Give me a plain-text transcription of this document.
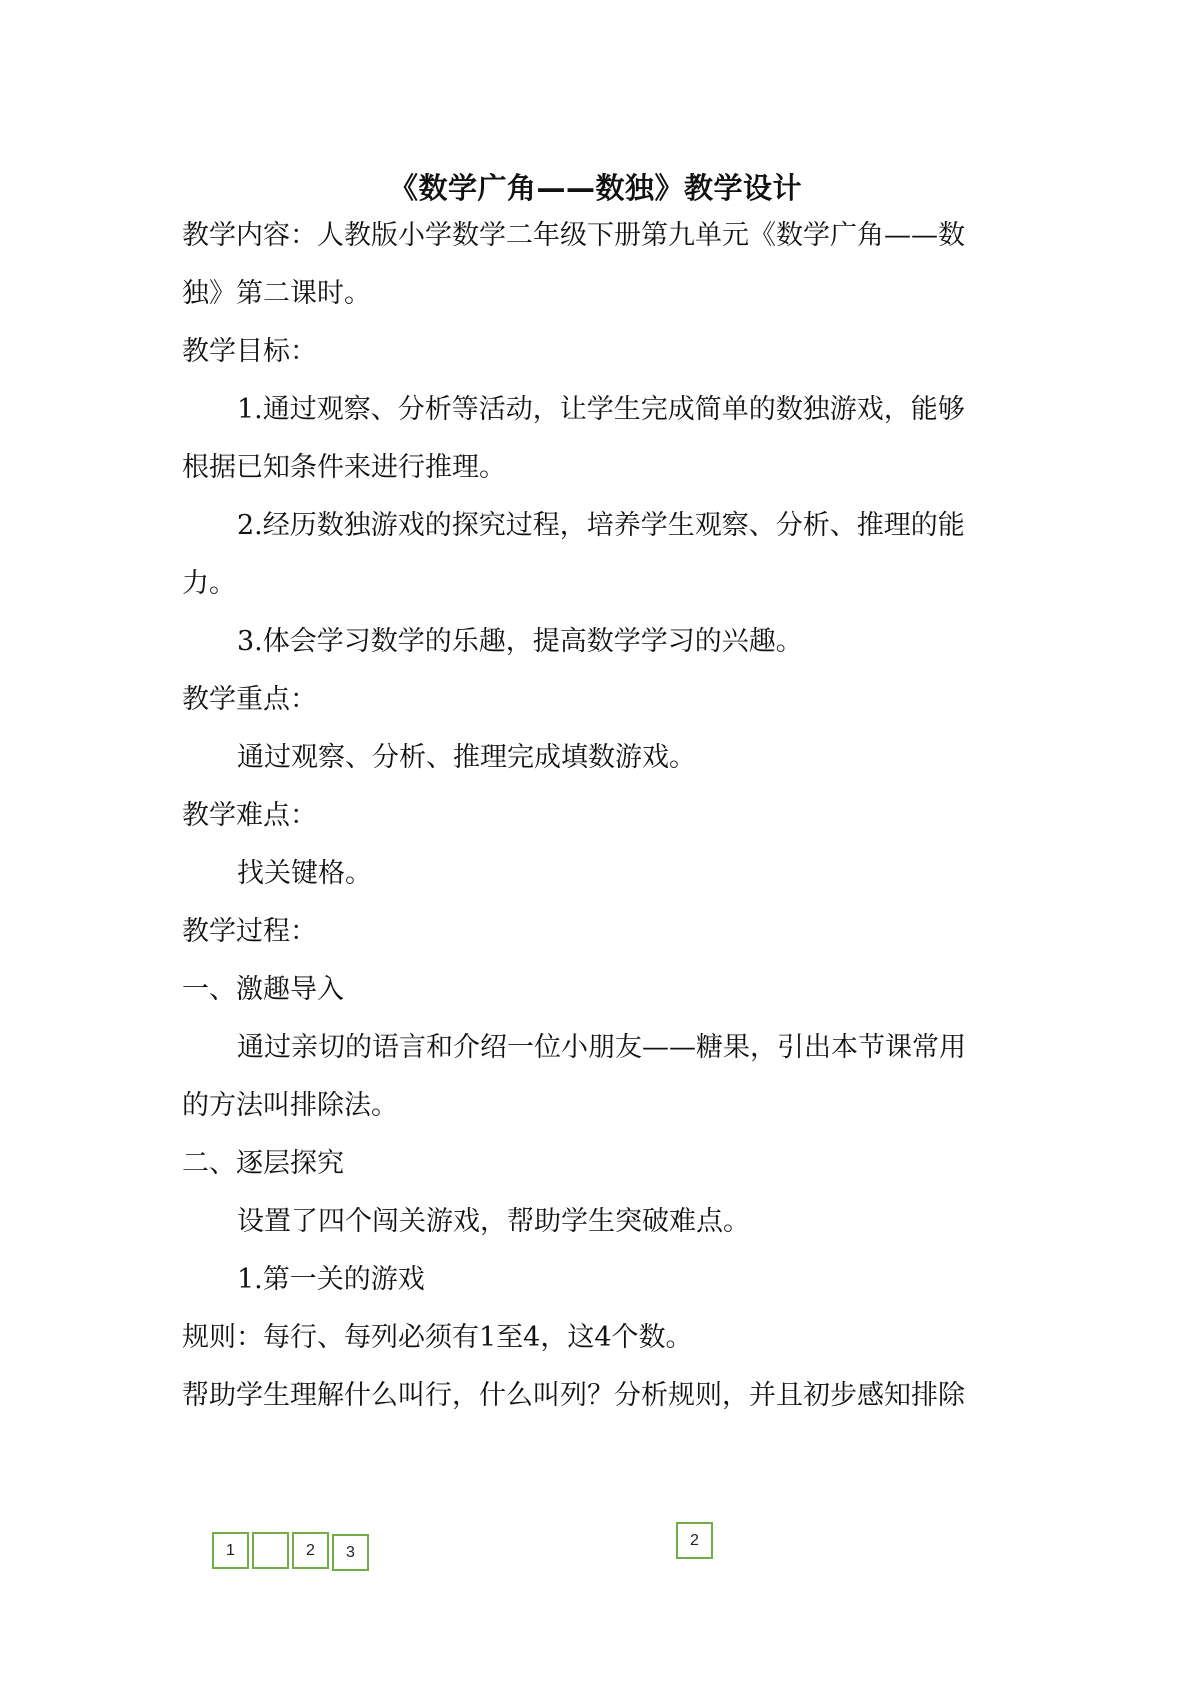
《数学广角——数独》教学设计
教学内容：人教版小学数学二年级下册第九单元《数学广角——数
独》第二课时。
教学目标：
1.通过观察、分析等活动，让学生完成简单的数独游戏，能够
根据已知条件来进行推理。
2.经历数独游戏的探究过程，培养学生观察、分析、推理的能
力。
3.体会学习数学的乐趣，提高数学学习的兴趣。
教学重点：
通过观察、分析、推理完成填数游戏。
教学难点：
找关键格。
教学过程：
一、激趣导入
通过亲切的语言和介绍一位小朋友——糖果，引出本节课常用
的方法叫排除法。
二、逐层探究
设置了四个闯关游戏，帮助学生突破难点。
1.第一关的游戏
规则：每行、每列必须有1至4，这4个数。
帮助学生理解什么叫行，什么叫列？分析规则，并且初步感知排除
1	2	3
2
